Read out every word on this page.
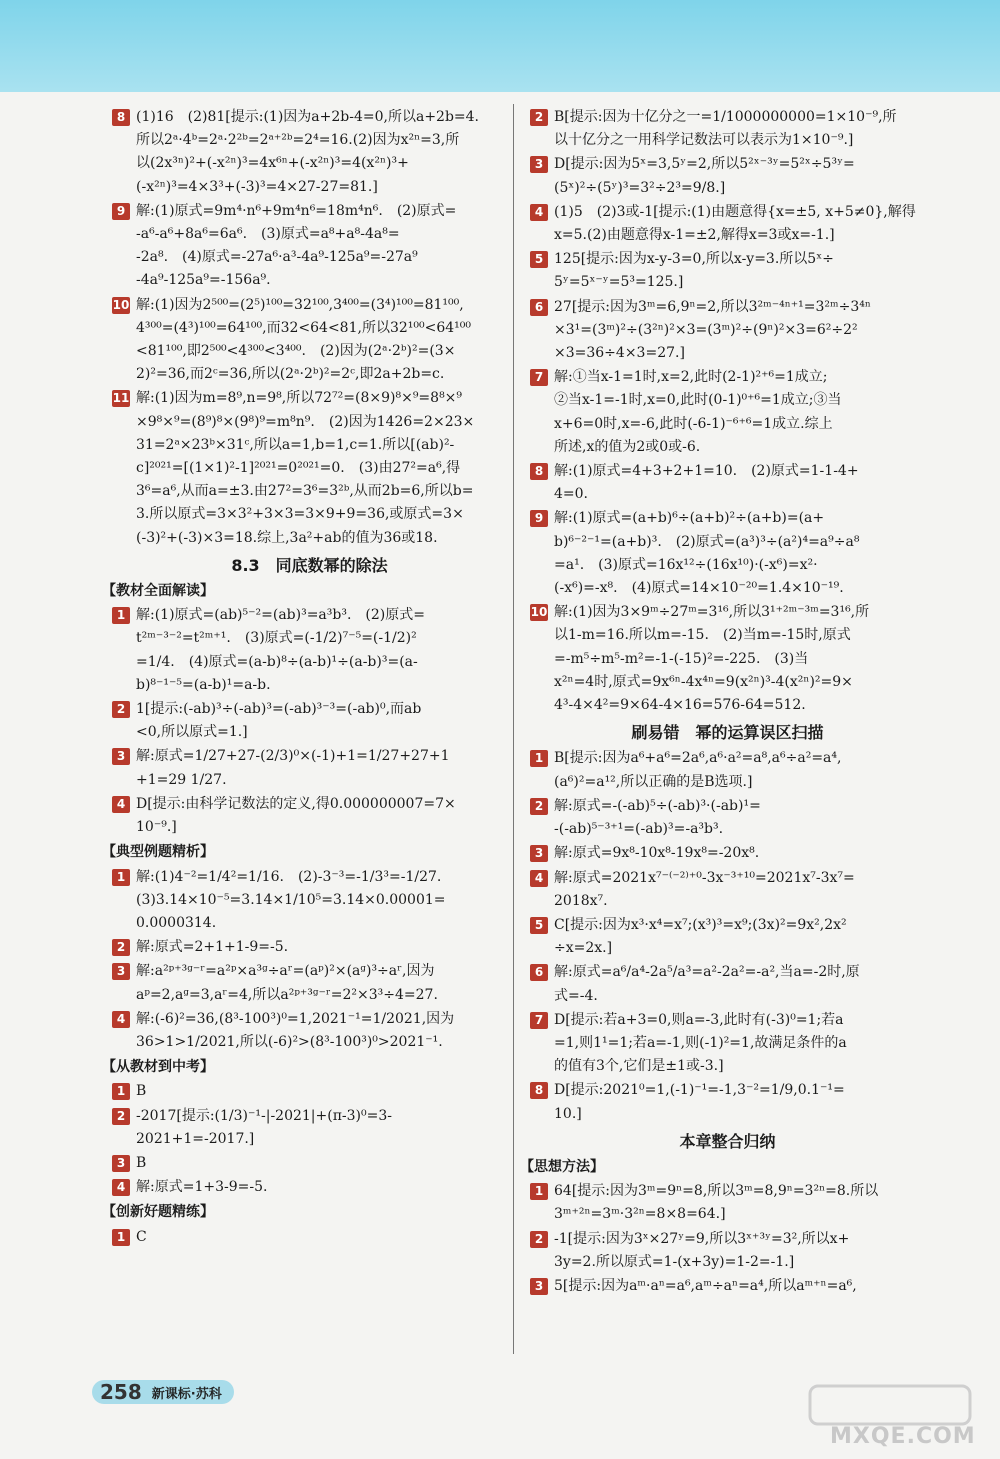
8 (1)16　(2)81[提示:(1)因为a+2b-4=0,所以a+2b=4.
所以2ᵃ·4ᵇ=2ᵃ·2²ᵇ=2ᵃ⁺²ᵇ=2⁴=16.(2)因为x²ⁿ=3,所
以(2x³ⁿ)²+(-x²ⁿ)³=4x⁶ⁿ+(-x²ⁿ)³=4(x²ⁿ)³+
(-x²ⁿ)³=4×3³+(-3)³=4×27-27=81.]

9 解:(1)原式=9m⁴·n⁶+9m⁴n⁶=18m⁴n⁶.　(2)原式=
-a⁶-a⁶+8a⁶=6a⁶.　(3)原式=a⁸+a⁸-4a⁸=
-2a⁸.　(4)原式=-27a⁶·a³-4a⁹-125a⁹=-27a⁹
-4a⁹-125a⁹=-156a⁹.

10 解:(1)因为2⁵⁰⁰=(2⁵)¹⁰⁰=32¹⁰⁰,3⁴⁰⁰=(3⁴)¹⁰⁰=81¹⁰⁰,
4³⁰⁰=(4³)¹⁰⁰=64¹⁰⁰,而32<64<81,所以32¹⁰⁰<64¹⁰⁰
<81¹⁰⁰,即2⁵⁰⁰<4³⁰⁰<3⁴⁰⁰.　(2)因为(2ᵃ·2ᵇ)²=(3×
2)²=36,而2ᶜ=36,所以(2ᵃ·2ᵇ)²=2ᶜ,即2a+2b=c.

11 解:(1)因为m=8⁹,n=9⁸,所以72⁷²=(8×9)⁸×⁹=8⁸×⁹
×9⁸×⁹=(8⁹)⁸×(9⁸)⁹=m⁸n⁹.　(2)因为1426=2×23×
31=2ᵃ×23ᵇ×31ᶜ,所以a=1,b=1,c=1.所以[(ab)²-
c]²⁰²¹=[(1×1)²-1]²⁰²¹=0²⁰²¹=0.　(3)由27²=a⁶,得
3⁶=a⁶,从而a=±3.由27²=3⁶=3²ᵇ,从而2b=6,所以b=
3.所以原式=3×3²+3×3=3×9+9=36,或原式=3×
(-3)²+(-3)×3=18.综上,3a²+ab的值为36或18.

8.3　同底数幂的除法
【教材全面解读】
1 解:(1)原式=(ab)⁵⁻²=(ab)³=a³b³.　(2)原式=
t²ᵐ⁻³⁻²=t²ᵐ⁺¹.　(3)原式=(-1/2)⁷⁻⁵=(-1/2)²
=1/4.　(4)原式=(a-b)⁸÷(a-b)¹÷(a-b)³=(a-
b)⁸⁻¹⁻⁵=(a-b)¹=a-b.

2 1[提示:(-ab)³÷(-ab)³=(-ab)³⁻³=(-ab)⁰,而ab
<0,所以原式=1.]

3 解:原式=1/27+27-(2/3)⁰×(-1)+1=1/27+27+1
+1=29 1/27.

4 D[提示:由科学记数法的定义,得0.000000007=7×
10⁻⁹.]

【典型例题精析】
1 解:(1)4⁻²=1/4²=1/16.　(2)-3⁻³=-1/3³=-1/27.
(3)3.14×10⁻⁵=3.14×1/10⁵=3.14×0.00001=
0.0000314.

2 解:原式=2+1+1-9=-5.

3 解:a²ᵖ⁺³ᵍ⁻ʳ=a²ᵖ×a³ᵍ÷aʳ=(aᵖ)²×(aᵍ)³÷aʳ,因为
aᵖ=2,aᵍ=3,aʳ=4,所以a²ᵖ⁺³ᵍ⁻ʳ=2²×3³÷4=27.

4 解:(-6)²=36,(8³-100³)⁰=1,2021⁻¹=1/2021,因为
36>1>1/2021,所以(-6)²>(8³-100³)⁰>2021⁻¹.

【从教材到中考】
1 B

2 -2017[提示:(1/3)⁻¹-|-2021|+(π-3)⁰=3-
2021+1=-2017.]

3 B

4 解:原式=1+3-9=-5.

【创新好题精练】
1 C

2 B[提示:因为十亿分之一=1/1000000000=1×10⁻⁹,所
以十亿分之一用科学记数法可以表示为1×10⁻⁹.]

3 D[提示:因为5ˣ=3,5ʸ=2,所以5²ˣ⁻³ʸ=5²ˣ÷5³ʸ=
(5ˣ)²÷(5ʸ)³=3²÷2³=9/8.]

4 (1)5　(2)3或-1[提示:(1)由题意得{x=±5, x+5≠0},解得
x=5.(2)由题意得x-1=±2,解得x=3或x=-1.]

5 125[提示:因为x-y-3=0,所以x-y=3.所以5ˣ÷
5ʸ=5ˣ⁻ʸ=5³=125.]

6 27[提示:因为3ᵐ=6,9ⁿ=2,所以3²ᵐ⁻⁴ⁿ⁺¹=3²ᵐ÷3⁴ⁿ
×3¹=(3ᵐ)²÷(3²ⁿ)²×3=(3ᵐ)²÷(9ⁿ)²×3=6²÷2²
×3=36÷4×3=27.]

7 解:①当x-1=1时,x=2,此时(2-1)²⁺⁶=1成立;
②当x-1=-1时,x=0,此时(0-1)⁰⁺⁶=1成立;③当
x+6=0时,x=-6,此时(-6-1)⁻⁶⁺⁶=1成立.综上
所述,x的值为2或0或-6.

8 解:(1)原式=4+3+2+1=10.　(2)原式=1-1-4+
4=0.

9 解:(1)原式=(a+b)⁶÷(a+b)²÷(a+b)=(a+
b)⁶⁻²⁻¹=(a+b)³.　(2)原式=(a³)³÷(a²)⁴=a⁹÷a⁸
=a¹.　(3)原式=16x¹²÷(16x¹⁰)·(-x⁶)=x²·
(-x⁶)=-x⁸.　(4)原式=14×10⁻²⁰=1.4×10⁻¹⁹.

10 解:(1)因为3×9ᵐ÷27ᵐ=3¹⁶,所以3¹⁺²ᵐ⁻³ᵐ=3¹⁶,所
以1-m=16.所以m=-15.　(2)当m=-15时,原式
=-m⁵÷m⁵-m²=-1-(-15)²=-225.　(3)当
x²ⁿ=4时,原式=9x⁶ⁿ-4x⁴ⁿ=9(x²ⁿ)³-4(x²ⁿ)²=9×
4³-4×4²=9×64-4×16=576-64=512.

刷易错　幂的运算误区扫描
1 B[提示:因为a⁶+a⁶=2a⁶,a⁶·a²=a⁸,a⁶÷a²=a⁴,
(a⁶)²=a¹²,所以正确的是B选项.]

2 解:原式=-(-ab)⁵÷(-ab)³·(-ab)¹=
-(-ab)⁵⁻³⁺¹=(-ab)³=-a³b³.

3 解:原式=9x⁸-10x⁸-19x⁸=-20x⁸.

4 解:原式=2021x⁷⁻⁽⁻²⁾⁺⁰-3x⁻³⁺¹⁰=2021x⁷-3x⁷=
2018x⁷.

5 C[提示:因为x³·x⁴=x⁷;(x³)³=x⁹;(3x)²=9x²,2x²
÷x=2x.]

6 解:原式=a⁶/a⁴-2a⁵/a³=a²-2a²=-a²,当a=-2时,原
式=-4.

7 D[提示:若a+3=0,则a=-3,此时有(-3)⁰=1;若a
=1,则1¹=1;若a=-1,则(-1)²=1,故满足条件的a
的值有3个,它们是±1或-3.]

8 D[提示:2021⁰=1,(-1)⁻¹=-1,3⁻²=1/9,0.1⁻¹=
10.]

本章整合归纳
【思想方法】
1 64[提示:因为3ᵐ=9ⁿ=8,所以3ᵐ=8,9ⁿ=3²ⁿ=8.所以
3ᵐ⁺²ⁿ=3ᵐ·3²ⁿ=8×8=64.]

2 -1[提示:因为3ˣ×27ʸ=9,所以3ˣ⁺³ʸ=3²,所以x+
3y=2.所以原式=1-(x+3y)=1-2=-1.]

3 5[提示:因为aᵐ·aⁿ=a⁶,aᵐ÷aⁿ=a⁴,所以aᵐ⁺ⁿ=a⁶,

258 新课标·苏科
MXQE.COM
